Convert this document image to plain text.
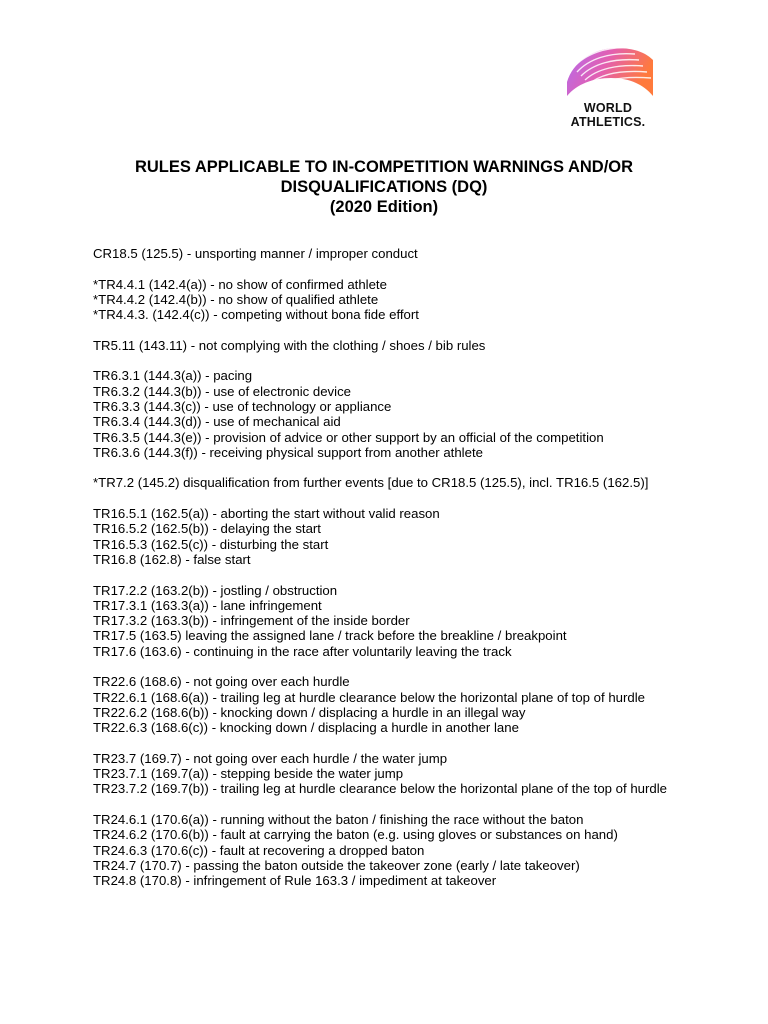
WORLD
ATHLETICS.
RULES APPLICABLE TO IN-COMPETITION WARNINGS AND/OR
DISQUALIFICATIONS (DQ)
(2020 Edition)
CR18.5 (125.5) - unsporting manner / improper conduct
*TR4.4.1 (142.4(a)) - no show of confirmed athlete
*TR4.4.2 (142.4(b)) - no show of qualified athlete
*TR4.4.3. (142.4(c)) - competing without bona fide effort
TR5.11 (143.11) - not complying with the clothing / shoes / bib rules
TR6.3.1 (144.3(a)) - pacing
TR6.3.2 (144.3(b)) - use of electronic device
TR6.3.3 (144.3(c)) - use of technology or appliance
TR6.3.4 (144.3(d)) - use of mechanical aid
TR6.3.5 (144.3(e)) - provision of advice or other support by an official of the competition
TR6.3.6 (144.3(f)) - receiving physical support from another athlete
*TR7.2 (145.2) disqualification from further events [due to CR18.5 (125.5), incl. TR16.5 (162.5)]
TR16.5.1 (162.5(a)) - aborting the start without valid reason
TR16.5.2 (162.5(b)) - delaying the start
TR16.5.3 (162.5(c)) - disturbing the start
TR16.8 (162.8) - false start
TR17.2.2 (163.2(b)) - jostling / obstruction
TR17.3.1 (163.3(a)) - lane infringement
TR17.3.2 (163.3(b)) - infringement of the inside border
TR17.5 (163.5) leaving the assigned lane / track before the breakline / breakpoint
TR17.6 (163.6) - continuing in the race after voluntarily leaving the track
TR22.6 (168.6) - not going over each hurdle
TR22.6.1 (168.6(a)) - trailing leg at hurdle clearance below the horizontal plane of top of hurdle
TR22.6.2 (168.6(b)) - knocking down / displacing a hurdle in an illegal way
TR22.6.3 (168.6(c)) - knocking down / displacing a hurdle in another lane
TR23.7 (169.7) - not going over each hurdle / the water jump
TR23.7.1 (169.7(a)) - stepping beside the water jump
TR23.7.2 (169.7(b)) - trailing leg at hurdle clearance below the horizontal plane of the top of hurdle
TR24.6.1 (170.6(a)) - running without the baton / finishing the race without the baton
TR24.6.2 (170.6(b)) - fault at carrying the baton (e.g. using gloves or substances on hand)
TR24.6.3 (170.6(c)) - fault at recovering a dropped baton
TR24.7 (170.7) - passing the baton outside the takeover zone (early / late takeover)
TR24.8 (170.8) - infringement of Rule 163.3 / impediment at takeover
